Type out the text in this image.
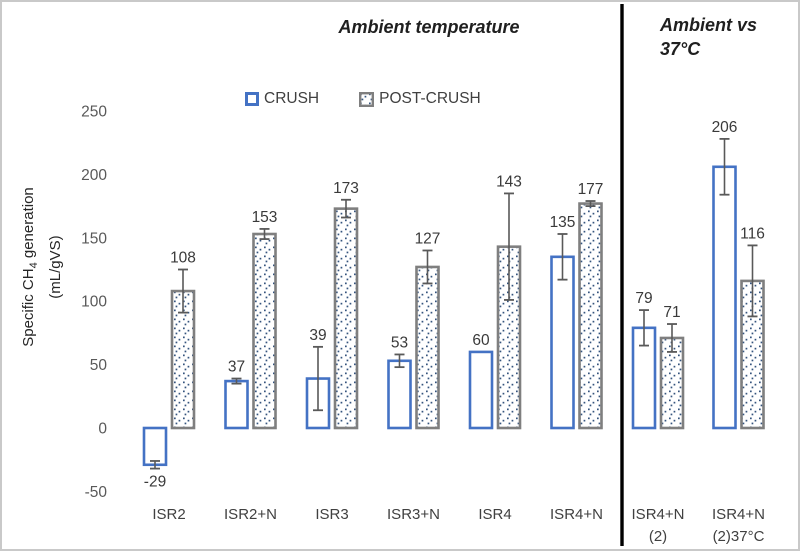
250
200
150
100
50
0
-50
-29
37
39	53	60
135
79
206
108
153
173
127
143	177
71
116
ISR2	ISR2+N	ISR3	ISR3+N	ISR4	ISR4+N ISR4+N
(2)
ISR4+N
(2)37°C
Ambient temperature	Ambient vs
37°C
CRUSH	POST-CRUSH
Specific $CH_4$ generation
(mL/gVS)
